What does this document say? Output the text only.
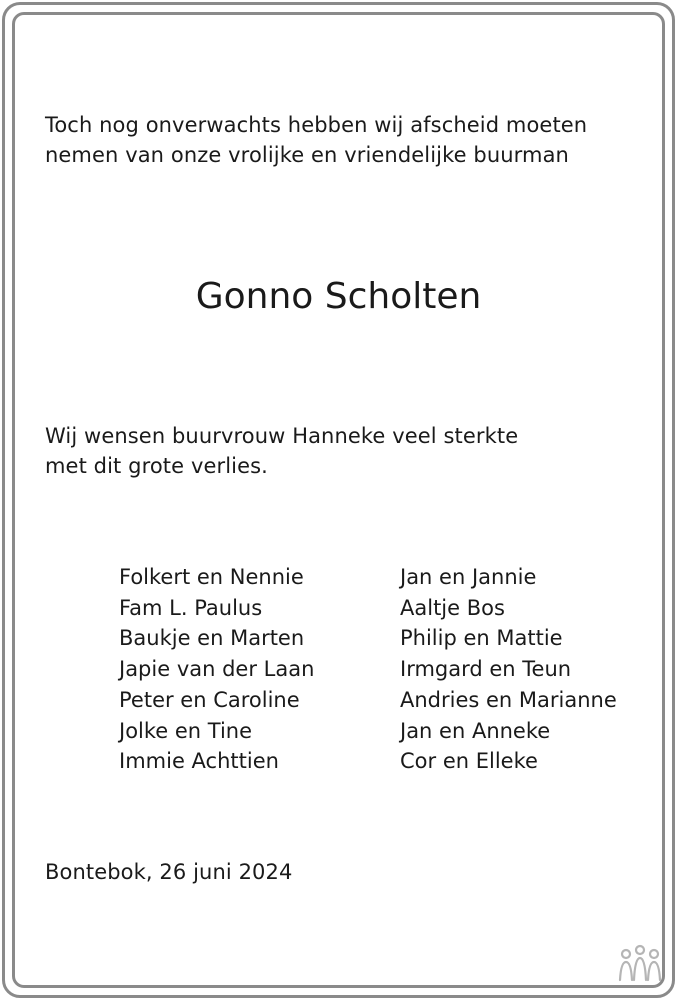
Toch nog onverwachts hebben wij afscheid moeten
nemen van onze vrolijke en vriendelijke buurman
Gonno Scholten
Wij wensen buurvrouw Hanneke veel sterkte
met dit grote verlies.
Folkert en Nennie
Fam L. Paulus
Baukje en Marten
Japie van der Laan
Peter en Caroline
Jolke en Tine
Immie Achttien
Jan en Jannie
Aaltje Bos
Philip en Mattie
Irmgard en Teun
Andries en Marianne
Jan en Anneke
Cor en Elleke
Bontebok, 26 juni 2024
